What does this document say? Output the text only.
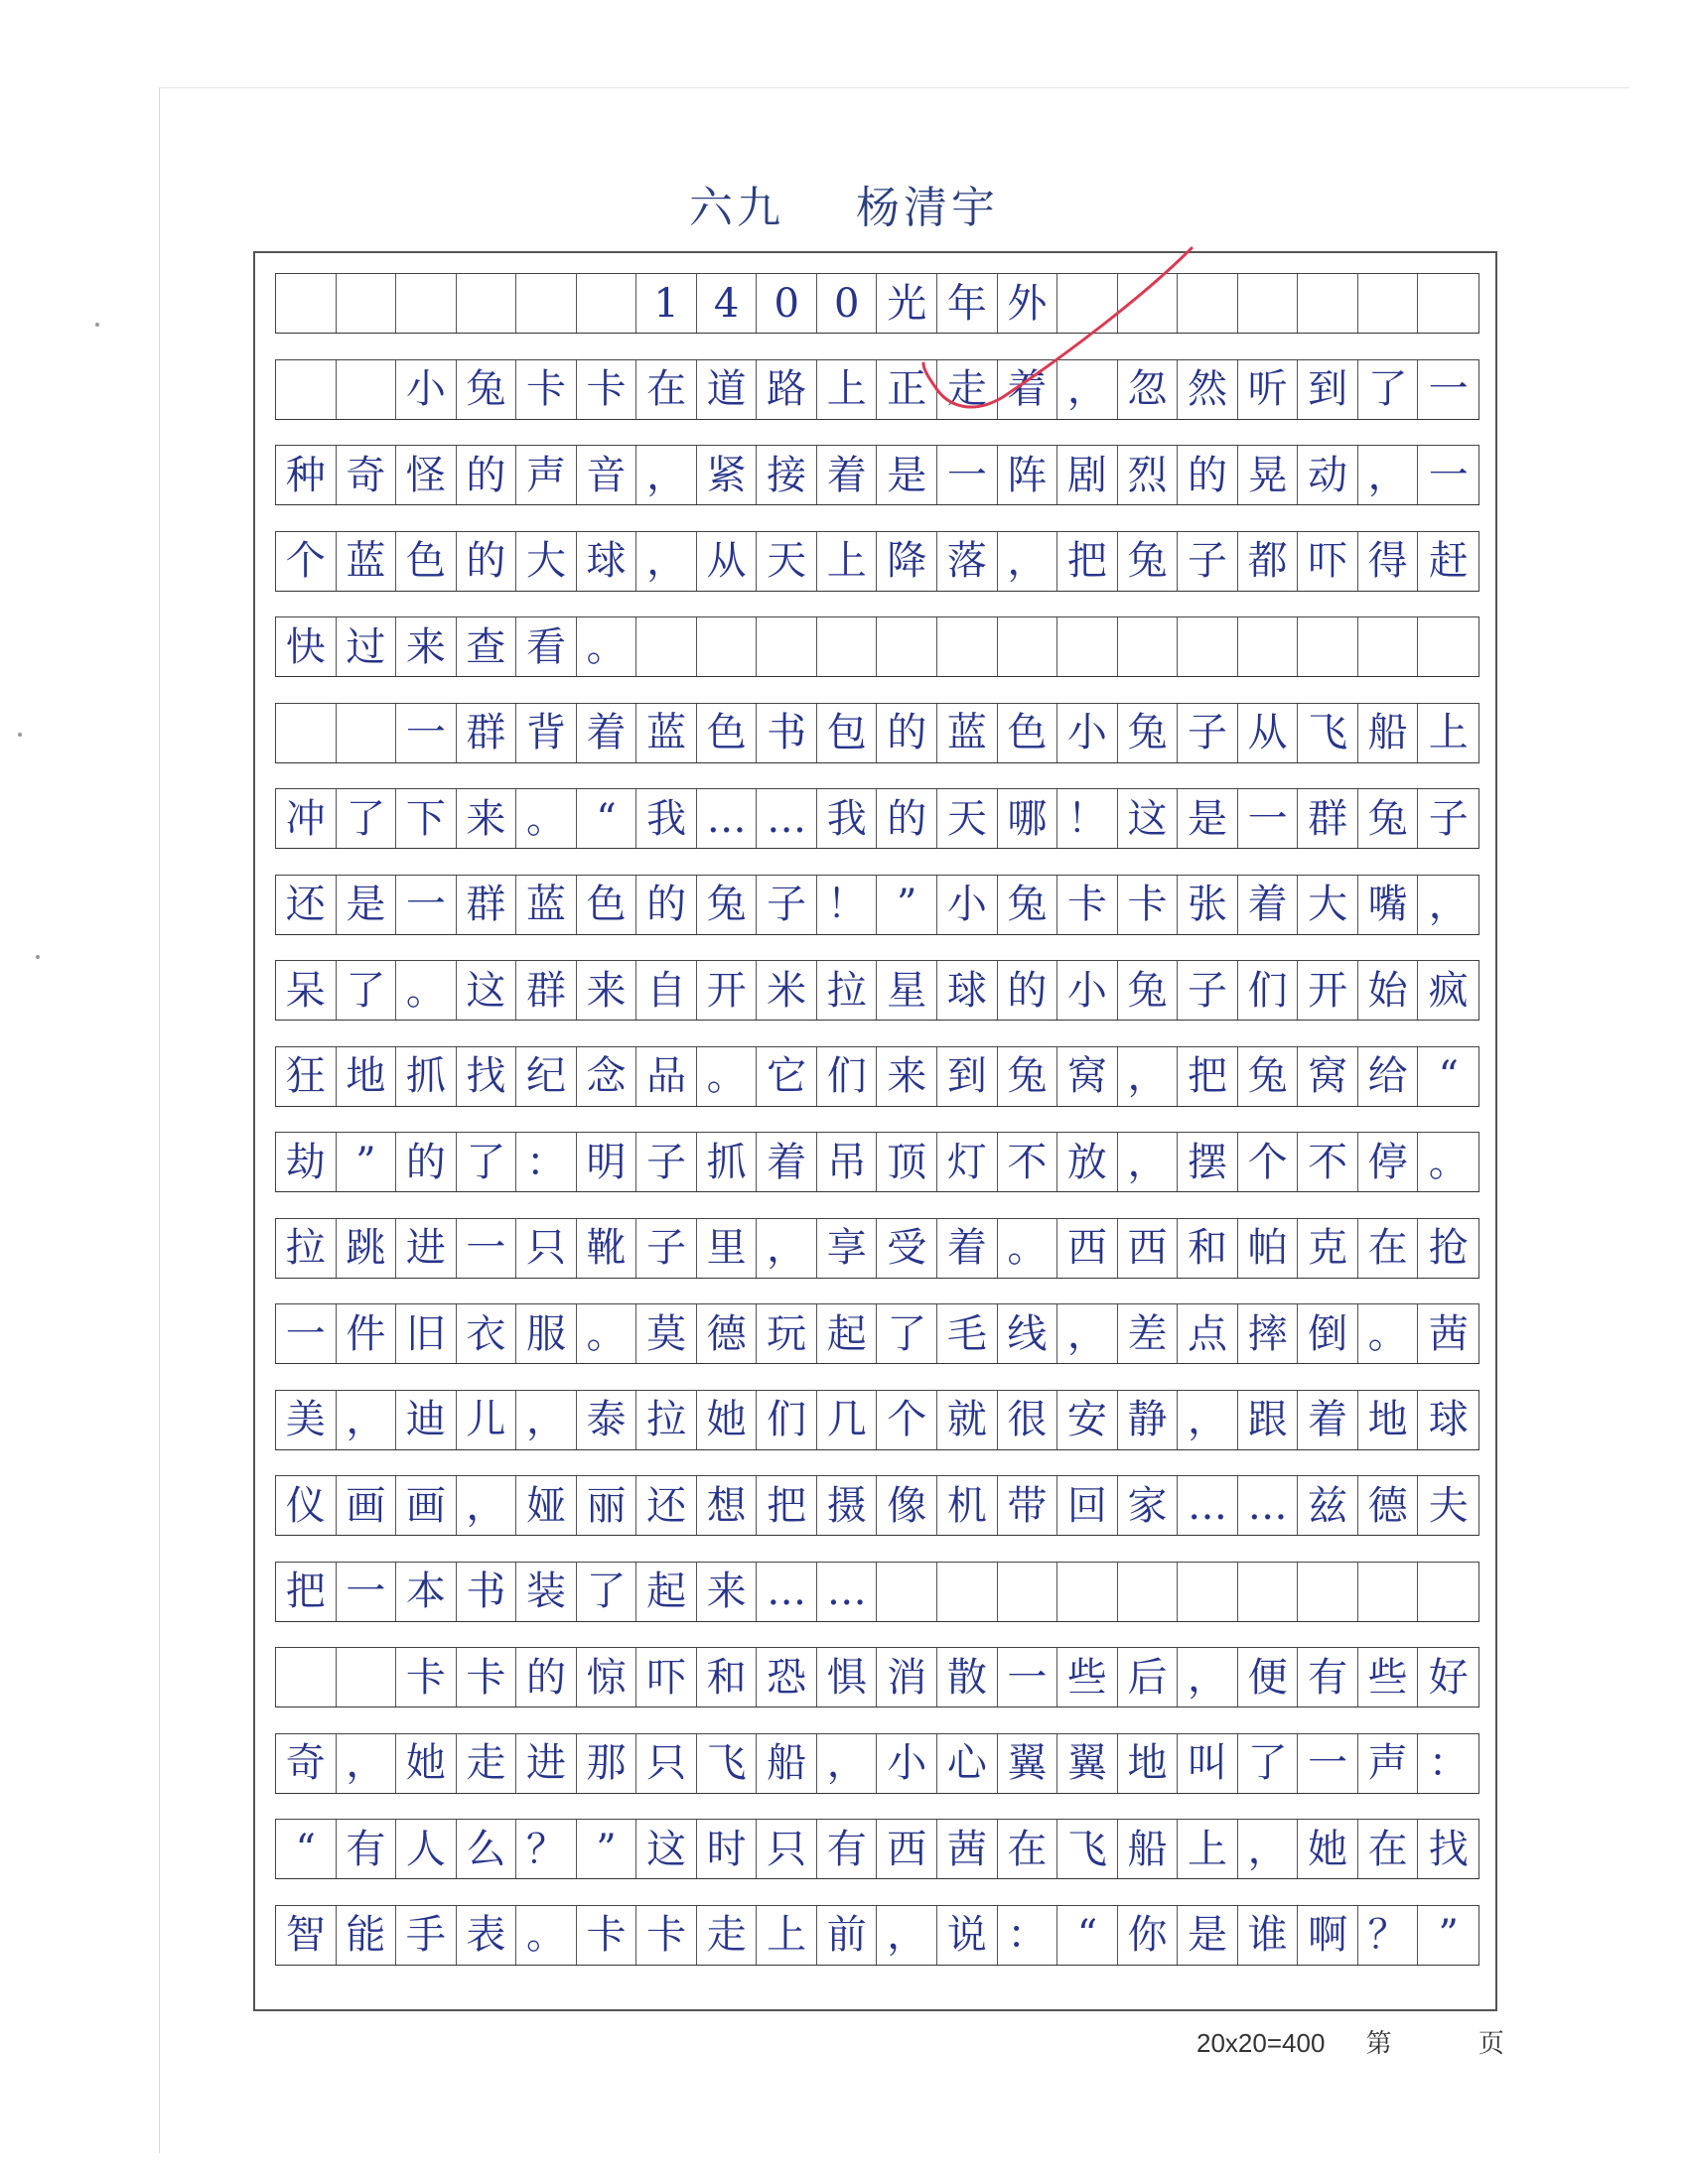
六九 杨清宇
1 4 0 0 光 年 外
小 兔 卡 卡 在 道 路 上 正 走 着 ， 忽 然 听 到 了 一
种 奇 怪 的 声 音 ， 紧 接 着 是 一 阵 剧 烈 的 晃 动 ， 一
个 蓝 色 的 大 球 ， 从 天 上 降 落 ， 把 兔 子 都 吓 得 赶
快 过 来 查 看 。
一 群 背 着 蓝 色 书 包 的 蓝 色 小 兔 子 从 飞 船 上
冲 了 下 来 。 “ 我 … … 我 的 天 哪 ！ 这 是 一 群 兔 子
还 是 一 群 蓝 色 的 兔 子 ！ ” 小 兔 卡 卡 张 着 大 嘴 ，
呆 了 。 这 群 来 自 开 米 拉 星 球 的 小 兔 子 们 开 始 疯
狂 地 抓 找 纪 念 品 。 它 们 来 到 兔 窝 ， 把 兔 窝 给 “
劫 ” 的 了 ： 明 子 抓 着 吊 顶 灯 不 放 ， 摆 个 不 停 。
拉 跳 进 一 只 靴 子 里 ， 享 受 着 。 西 西 和 帕 克 在 抢
一 件 旧 衣 服 。 莫 德 玩 起 了 毛 线 ， 差 点 摔 倒 。 茜
美 ， 迪 儿 ， 泰 拉 她 们 几 个 就 很 安 静 ， 跟 着 地 球
仪 画 画 ， 娅 丽 还 想 把 摄 像 机 带 回 家 … … 兹 德 夫
把 一 本 书 装 了 起 来 … …
卡 卡 的 惊 吓 和 恐 惧 消 散 一 些 后 ， 便 有 些 好
奇 ， 她 走 进 那 只 飞 船 ， 小 心 翼 翼 地 叫 了 一 声 ：
“ 有 人 么 ？ ” 这 时 只 有 西 茜 在 飞 船 上 ， 她 在 找
智 能 手 表 。 卡 卡 走 上 前 ， 说 ： “ 你 是 谁 啊 ？ ”
20x20=400 第	页
